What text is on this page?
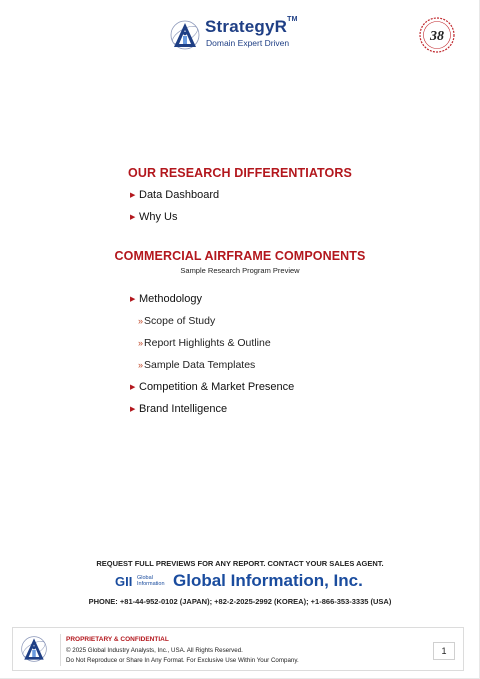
StrategyR™
Domain Expert Driven	38
OUR RESEARCH DIFFERENTIATORS
▶ Data Dashboard
▶ Why Us
COMMERCIAL AIRFRAME COMPONENTS
Sample Research Program Preview
▶ Methodology
»Scope of Study
»Report Highlights & Outline
»Sample Data Templates
▶ Competition & Market Presence
▶ Brand Intelligence
REQUEST FULL PREVIEWS FOR ANY REPORT. CONTACT YOUR SALES AGENT.
GII Global
Information Global Information, Inc.
PHONE: +81-44-952-0102 (JAPAN); +82-2-2025-2992 (KOREA); +1-866-353-3335 (USA)
PROPRIETARY & CONFIDENTIAL
© 2025 Global Industry Analysts, Inc., USA. All Rights Reserved.
Do Not Reproduce or Share In Any Format. For Exclusive Use Within Your Company.
1
